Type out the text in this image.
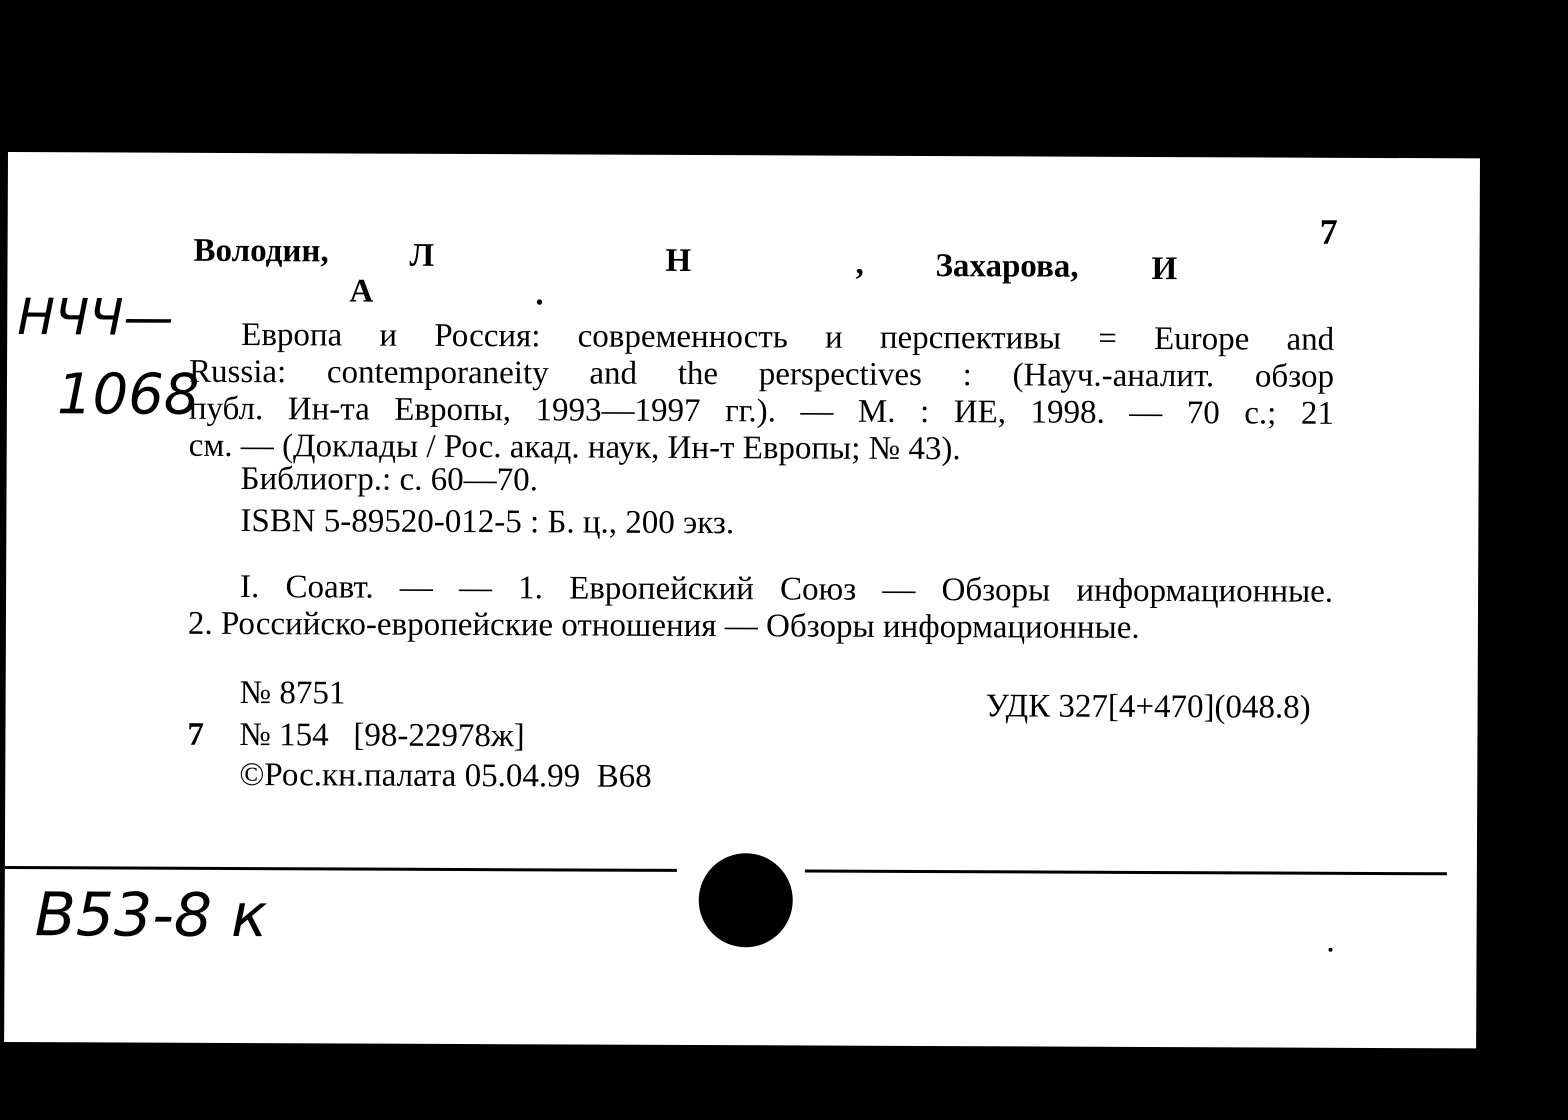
7
Володин, Л	Н	, Захарова, И
А	.
НЧЧ—
1068
Европа и Россия: современность и перспективы = Europe and
Russia: contemporaneity and the perspectives : (Науч.-аналит. обзор
публ. Ин-та Европы, 1993—1997 гг.). — М. : ИЕ, 1998. — 70 с.; 21
см. — (Доклады / Рос. акад. наук, Ин-т Европы; № 43).
Библиогр.: с. 60—70.
ISBN 5-89520-012-5 : Б. ц., 200 экз.
I. Соавт. — — 1. Европейский Союз — Обзоры информационные.
2. Российско-европейские отношения — Обзоры информационные.
№ 8751
7 № 154   [98-22978ж]
©Рос.кн.палата 05.04.99  В68
УДК 327[4+470](048.8)
В53-8 к
